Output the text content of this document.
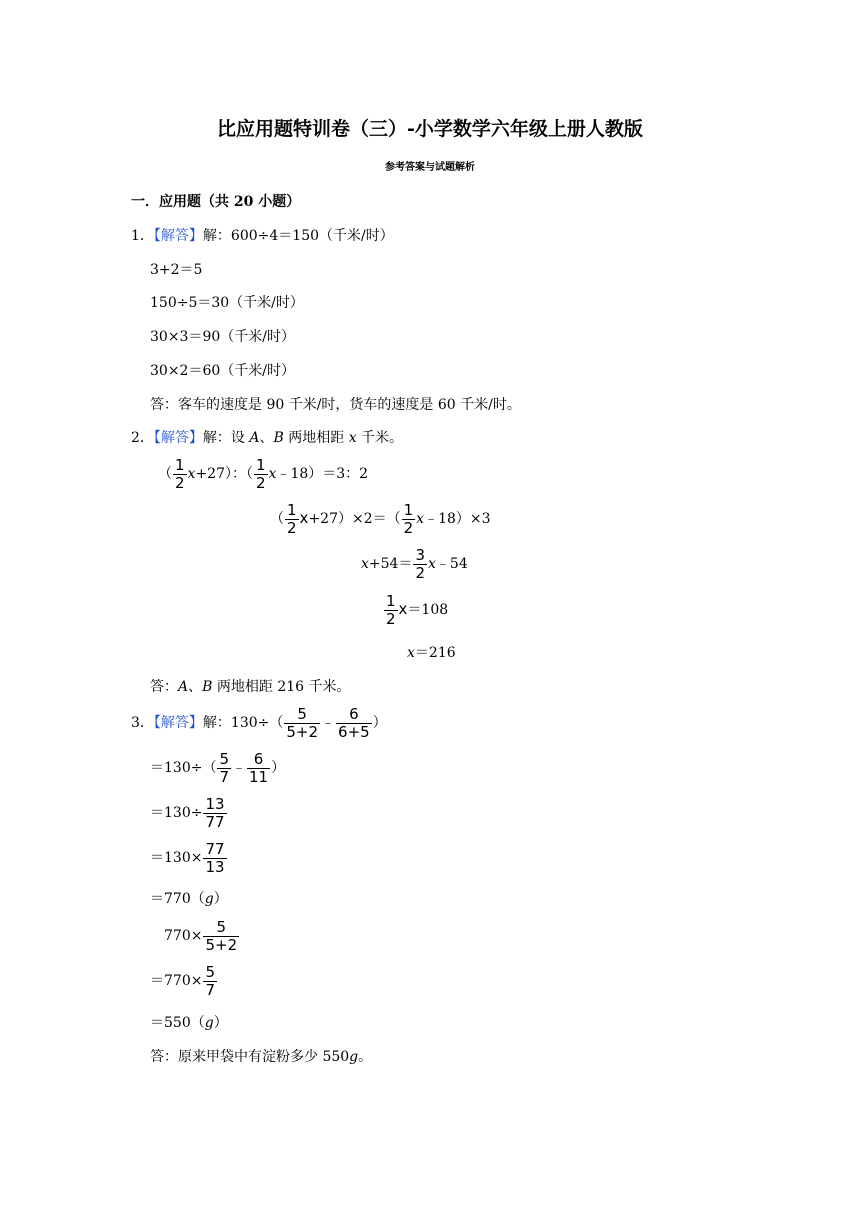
比应用题特训卷（三）-小学数学六年级上册人教版
参考答案与试题解析
一．应用题（共 20 小题）
1．【解答】解：600÷4＝150（千米/时）
3+2＝5
150÷5＝30（千米/时）
30×3＝90（千米/时）
30×2＝60（千米/时）
答：客车的速度是 90 千米/时，货车的速度是 60 千米/时。
2．【解答】解：设 A、B 两地相距 x 千米。
（ $\frac{1}{2} x+27$）：（ $\frac{1}{2}$ x﹣18）＝3：2
（ $\frac{1}{2} x+27)\times 2=( \frac{1}{2}$ x﹣18）×3
$x+54= \frac{3}{2}$ x﹣54
$\frac{1}{2} x=108$
x＝216
答：A、B 两地相距 216 千米。
3．【解答】解：$130\div( \frac{5}{5+2}$ ﹣ $\frac{6}{6+5}$ ）
$=130\div( \frac{5}{7}$ ﹣ $\frac{6}{11}$ ）
$=130\div \frac{13}{77}$
$=130\times \frac{77}{13}$
＝770（g）
$770\times \frac{5}{5+2}$
$=770\times \frac{5}{7}$
＝550（g）
答：原来甲袋中有淀粉多少 550g。
